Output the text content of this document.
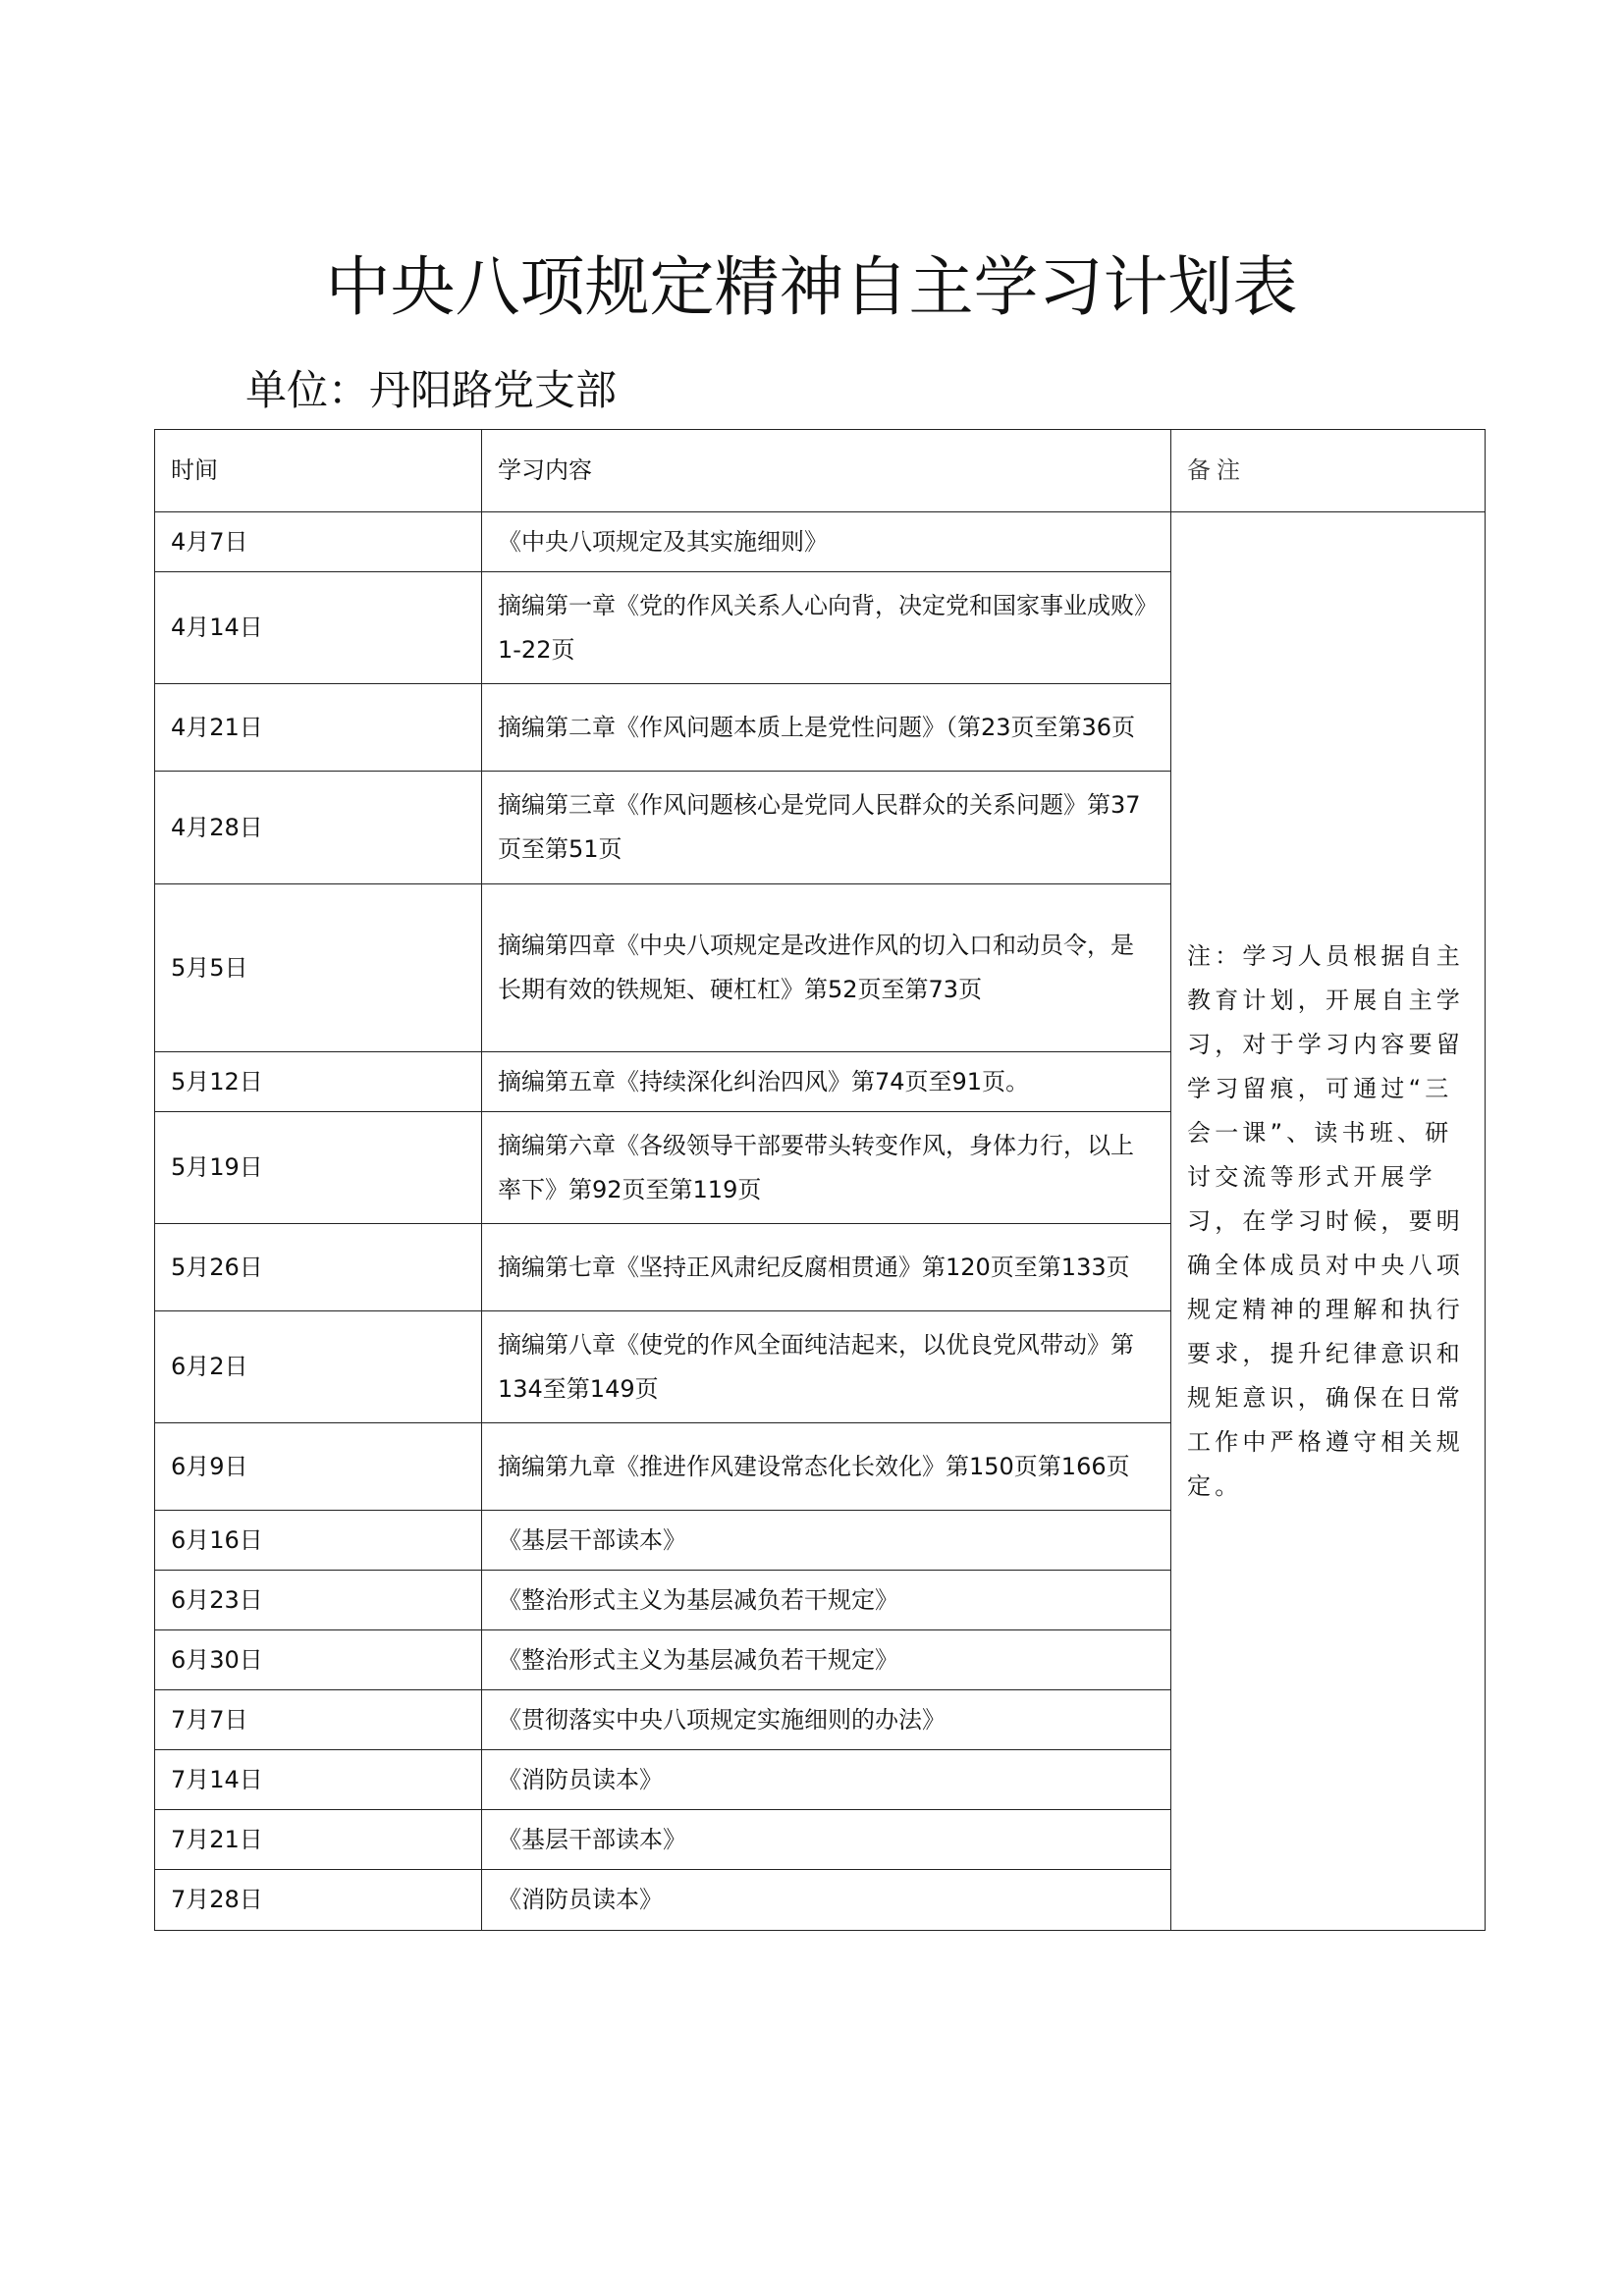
中央八项规定精神自主学习计划表
单位：丹阳路党支部
时间	学习内容	备注
4月7日	《中央八项规定及其实施细则》	注：学习人员根据自主教育计划，开展自主学习，对于学习内容要留学习留痕，可通过“三会一课”、读书班、研讨交流等形式开展学习，在学习时候，要明确全体成员对中央八项规定精神的理解和执行要求，提升纪律意识和规矩意识，确保在日常工作中严格遵守相关规定。
4月14日	摘编第一章《党的作风关系人心向背，决定党和国家事业成败》1-22页	
4月21日	摘编第二章《作风问题本质上是党性问题》（第23页至第36页	
4月28日	摘编第三章《作风问题核心是党同人民群众的关系问题》第37页至第51页	
5月5日	摘编第四章《中央八项规定是改进作风的切入口和动员令，是长期有效的铁规矩、硬杠杠》第52页至第73页	
5月12日	摘编第五章《持续深化纠治四风》第74页至91页。	
5月19日	摘编第六章《各级领导干部要带头转变作风，身体力行，以上率下》第92页至第119页	
5月26日	摘编第七章《坚持正风肃纪反腐相贯通》第120页至第133页	
6月2日	摘编第八章《使党的作风全面纯洁起来，以优良党风带动》第134至第149页	
6月9日	摘编第九章《推进作风建设常态化长效化》第150页第166页	
6月16日	《基层干部读本》	
6月23日	《整治形式主义为基层减负若干规定》	
6月30日	《整治形式主义为基层减负若干规定》	
7月7日	《贯彻落实中央八项规定实施细则的办法》	
7月14日	《消防员读本》	
7月21日	《基层干部读本》	
7月28日	《消防员读本》	
